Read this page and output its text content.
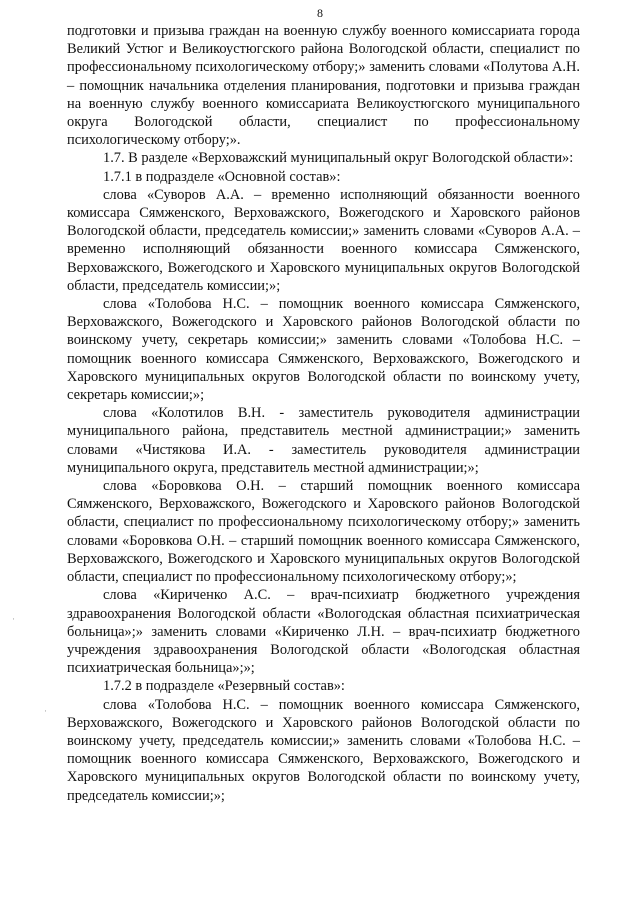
8

подготовки и призыва граждан на военную службу военного комиссариата города Великий Устюг и Великоустюгского района Вологодской области, специалист по профессиональному психологическому отбору;» заменить словами «Полутова А.Н. – помощник начальника отделения планирования, подготовки и призыва граждан на военную службу военного комиссариата Великоустюгского муниципального округа Вологодской области, специалист по профессиональному психологическому отбору;».

1.7. В разделе «Верховажский муниципальный округ Вологодской области»:

1.7.1 в подразделе «Основной состав»:

слова «Суворов А.А. – временно исполняющий обязанности военного комиссара Сямженского, Верховажского, Вожегодского и Харовского районов Вологодской области, председатель комиссии;» заменить словами «Суворов А.А. – временно исполняющий обязанности военного комиссара Сямженского, Верховажского, Вожегодского и Харовского муниципальных округов Вологодской области, председатель комиссии;»;

слова «Толобова Н.С. – помощник военного комиссара Сямженского, Верховажского, Вожегодского и Харовского районов Вологодской области по воинскому учету, секретарь комиссии;» заменить словами «Толобова Н.С. – помощник военного комиссара Сямженского, Верховажского, Вожегодского и Харовского муниципальных округов Вологодской области по воинскому учету, секретарь комиссии;»;

слова «Колотилов В.Н. - заместитель руководителя администрации муниципального района, представитель местной администрации;» заменить словами «Чистякова И.А. - заместитель руководителя администрации муниципального округа, представитель местной администрации;»;

слова «Боровкова О.Н. – старший помощник военного комиссара Сямженского, Верховажского, Вожегодского и Харовского районов Вологодской области, специалист по профессиональному психологическому отбору;» заменить словами «Боровкова О.Н. – старший помощник военного комиссара Сямженского, Верховажского, Вожегодского и Харовского муниципальных округов Вологодской области, специалист по профессиональному психологическому отбору;»;

слова «Кириченко А.С. – врач-психиатр бюджетного учреждения здравоохранения Вологодской области «Вологодская областная психиатрическая больница»;» заменить словами «Кириченко Л.Н. – врач-психиатр бюджетного учреждения здравоохранения Вологодской области «Вологодская областная психиатрическая больница»;»;

1.7.2 в подразделе «Резервный состав»:

слова «Толобова Н.С. – помощник военного комиссара Сямженского, Верховажского, Вожегодского и Харовского районов Вологодской области по воинскому учету, председатель комиссии;» заменить словами «Толобова Н.С. – помощник военного комиссара Сямженского, Верховажского, Вожегодского и Харовского муниципальных округов Вологодской области по воинскому учету, председатель комиссии;»;

·
·
